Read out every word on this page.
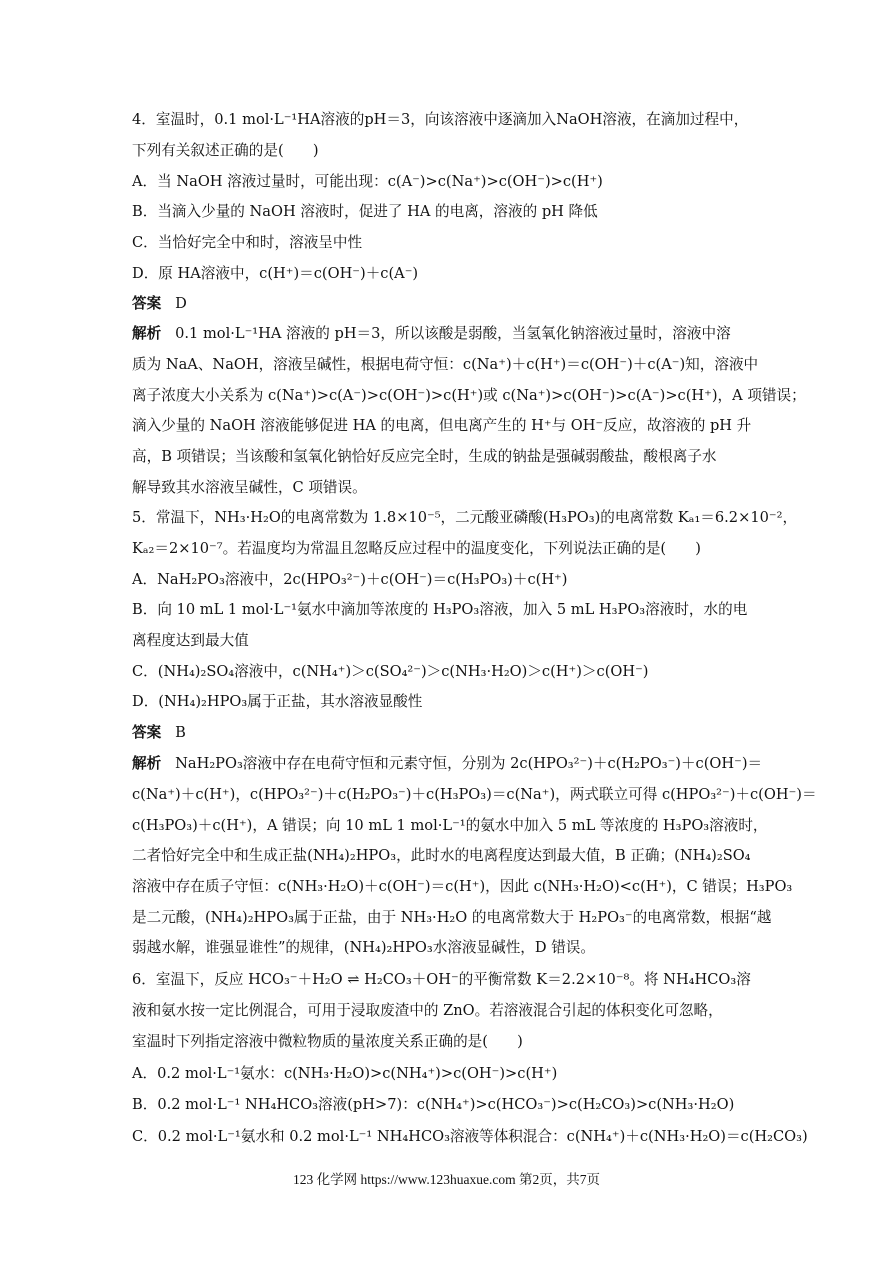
4．室温时，0.1 mol·L⁻¹HA溶液的pH＝3，向该溶液中逐滴加入NaOH溶液，在滴加过程中，
下列有关叙述正确的是(　　)
A．当 NaOH 溶液过量时，可能出现：c(A⁻)>c(Na⁺)>c(OH⁻)>c(H⁺)
B．当滴入少量的 NaOH 溶液时，促进了 HA 的电离，溶液的 pH 降低
C．当恰好完全中和时，溶液呈中性
D．原 HA溶液中，c(H⁺)＝c(OH⁻)＋c(A⁻)
答案 D
解析 0.1 mol·L⁻¹HA 溶液的 pH＝3，所以该酸是弱酸，当氢氧化钠溶液过量时，溶液中溶
质为 NaA、NaOH，溶液呈碱性，根据电荷守恒：c(Na⁺)＋c(H⁺)＝c(OH⁻)＋c(A⁻)知，溶液中
离子浓度大小关系为 c(Na⁺)>c(A⁻)>c(OH⁻)>c(H⁺)或 c(Na⁺)>c(OH⁻)>c(A⁻)>c(H⁺)，A 项错误；
滴入少量的 NaOH 溶液能够促进 HA 的电离，但电离产生的 H⁺与 OH⁻反应，故溶液的 pH 升
高，B 项错误；当该酸和氢氧化钠恰好反应完全时，生成的钠盐是强碱弱酸盐，酸根离子水
解导致其水溶液呈碱性，C 项错误。
5．常温下，NH₃·H₂O的电离常数为 1.8×10⁻⁵，二元酸亚磷酸(H₃PO₃)的电离常数 Kₐ₁＝6.2×10⁻²，
Kₐ₂＝2×10⁻⁷。若温度均为常温且忽略反应过程中的温度变化，下列说法正确的是(　　)
A．NaH₂PO₃溶液中，2c(HPO₃²⁻)＋c(OH⁻)＝c(H₃PO₃)＋c(H⁺)
B．向 10 mL 1 mol·L⁻¹氨水中滴加等浓度的 H₃PO₃溶液，加入 5 mL H₃PO₃溶液时，水的电
离程度达到最大值
C．(NH₄)₂SO₄溶液中，c(NH₄⁺)＞c(SO₄²⁻)＞c(NH₃·H₂O)＞c(H⁺)＞c(OH⁻)
D．(NH₄)₂HPO₃属于正盐，其水溶液显酸性
答案 B
解析 NaH₂PO₃溶液中存在电荷守恒和元素守恒，分别为 2c(HPO₃²⁻)＋c(H₂PO₃⁻)＋c(OH⁻)＝
c(Na⁺)＋c(H⁺)，c(HPO₃²⁻)＋c(H₂PO₃⁻)＋c(H₃PO₃)＝c(Na⁺)，两式联立可得 c(HPO₃²⁻)＋c(OH⁻)＝
c(H₃PO₃)＋c(H⁺)，A 错误；向 10 mL 1 mol·L⁻¹的氨水中加入 5 mL 等浓度的 H₃PO₃溶液时，
二者恰好完全中和生成正盐(NH₄)₂HPO₃，此时水的电离程度达到最大值，B 正确；(NH₄)₂SO₄
溶液中存在质子守恒：c(NH₃·H₂O)＋c(OH⁻)＝c(H⁺)，因此 c(NH₃·H₂O)<c(H⁺)，C 错误；H₃PO₃
是二元酸，(NH₄)₂HPO₃属于正盐，由于 NH₃·H₂O 的电离常数大于 H₂PO₃⁻的电离常数，根据“越
弱越水解，谁强显谁性”的规律，(NH₄)₂HPO₃水溶液显碱性，D 错误。
6．室温下，反应 HCO₃⁻＋H₂O ⇌ H₂CO₃＋OH⁻的平衡常数 K＝2.2×10⁻⁸。将 NH₄HCO₃溶
液和氨水按一定比例混合，可用于浸取废渣中的 ZnO。若溶液混合引起的体积变化可忽略，
室温时下列指定溶液中微粒物质的量浓度关系正确的是(　　)
A．0.2 mol·L⁻¹氨水：c(NH₃·H₂O)>c(NH₄⁺)>c(OH⁻)>c(H⁺)
B．0.2 mol·L⁻¹ NH₄HCO₃溶液(pH>7)：c(NH₄⁺)>c(HCO₃⁻)>c(H₂CO₃)>c(NH₃·H₂O)
C．0.2 mol·L⁻¹氨水和 0.2 mol·L⁻¹ NH₄HCO₃溶液等体积混合：c(NH₄⁺)＋c(NH₃·H₂O)＝c(H₂CO₃)
123 化学网 https://www.123huaxue.com 第2页，共7页
